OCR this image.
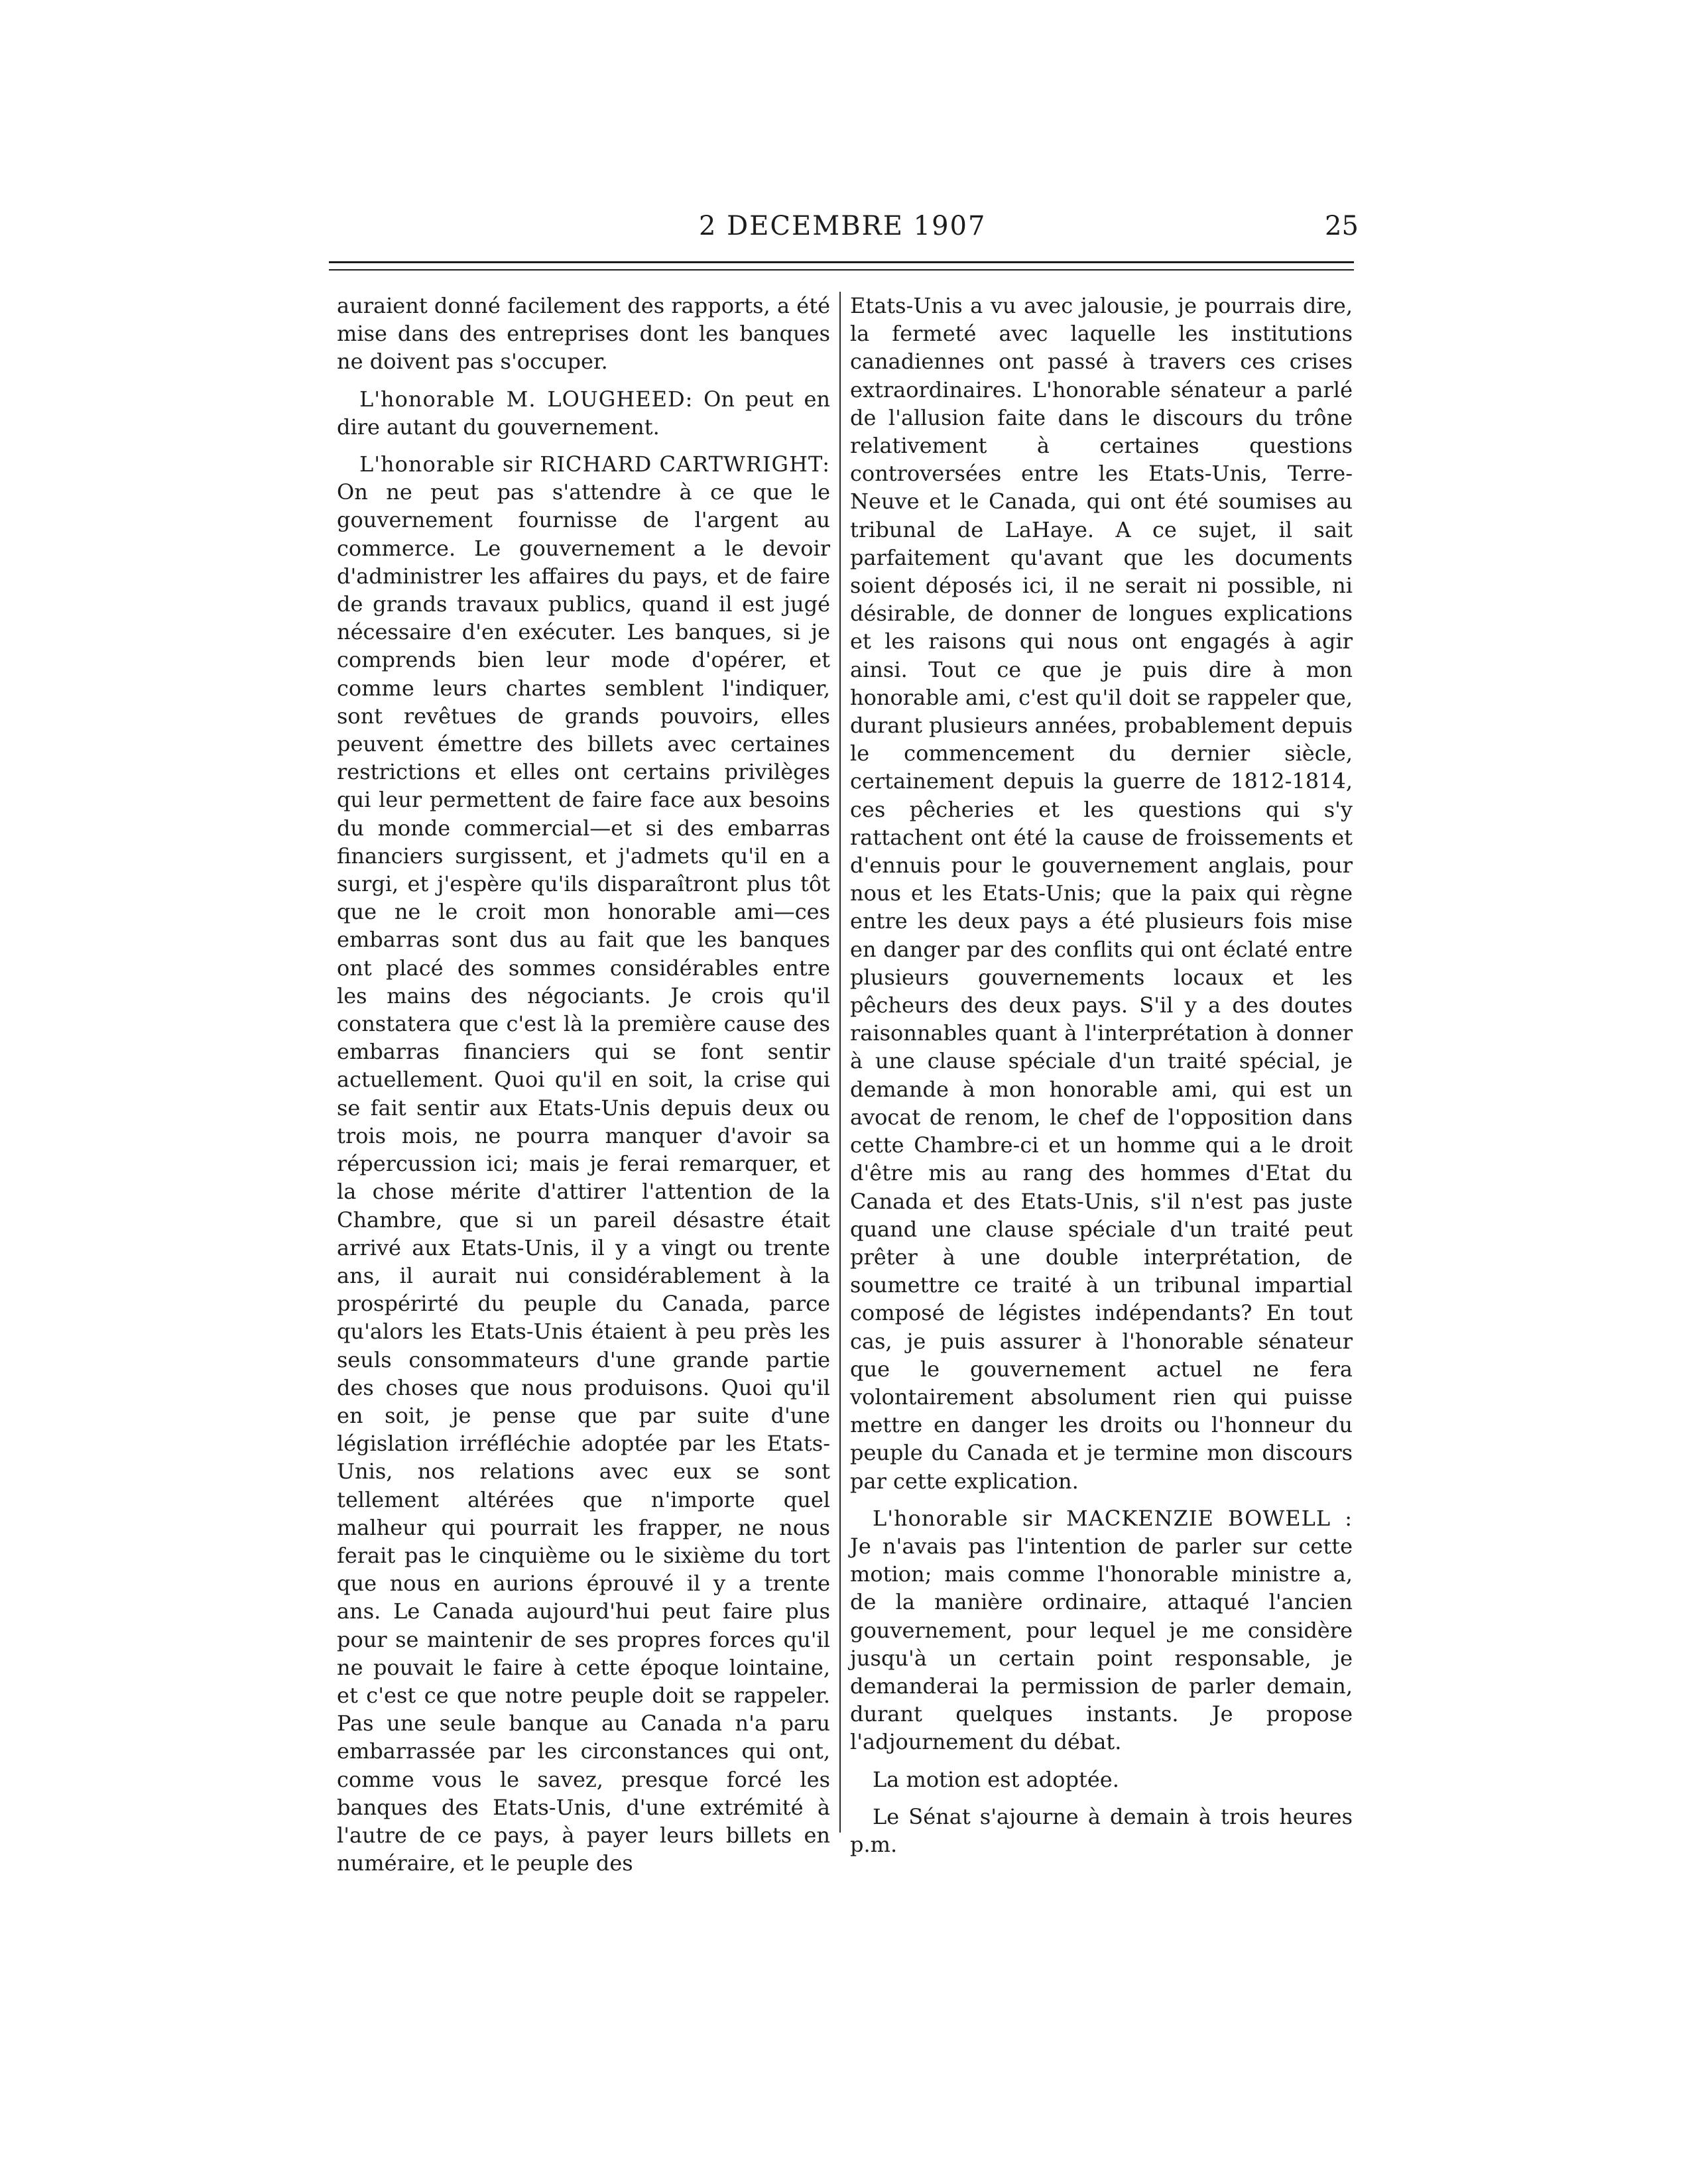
2 DECEMBRE 1907	25

auraient donné facilement des rapports, a été mise dans des entreprises dont les banques ne doivent pas s'occuper.

L'honorable M. LOUGHEED: On peut en dire autant du gouvernement.

L'honorable sir RICHARD CARTWRIGHT: On ne peut pas s'attendre à ce que le gouvernement fournisse de l'argent au commerce. Le gouvernement a le devoir d'administrer les affaires du pays, et de faire de grands travaux publics, quand il est jugé nécessaire d'en exécuter. Les banques, si je comprends bien leur mode d'opérer, et comme leurs chartes semblent l'indiquer, sont revêtues de grands pouvoirs, elles peuvent émettre des billets avec certaines restrictions et elles ont certains privilèges qui leur permettent de faire face aux besoins du monde commercial—et si des embarras financiers surgissent, et j'admets qu'il en a surgi, et j'espère qu'ils disparaîtront plus tôt que ne le croit mon honorable ami—ces embarras sont dus au fait que les banques ont placé des sommes considérables entre les mains des négociants. Je crois qu'il constatera que c'est là la première cause des embarras financiers qui se font sentir actuellement. Quoi qu'il en soit, la crise qui se fait sentir aux Etats-Unis depuis deux ou trois mois, ne pourra manquer d'avoir sa répercussion ici; mais je ferai remarquer, et la chose mérite d'attirer l'attention de la Chambre, que si un pareil désastre était arrivé aux Etats-Unis, il y a vingt ou trente ans, il aurait nui considérablement à la prospérirté du peuple du Canada, parce qu'alors les Etats-Unis étaient à peu près les seuls consommateurs d'une grande partie des choses que nous produisons. Quoi qu'il en soit, je pense que par suite d'une législation irréfléchie adoptée par les Etats-Unis, nos relations avec eux se sont tellement altérées que n'importe quel malheur qui pourrait les frapper, ne nous ferait pas le cinquième ou le sixième du tort que nous en aurions éprouvé il y a trente ans. Le Canada aujourd'hui peut faire plus pour se maintenir de ses propres forces qu'il ne pouvait le faire à cette époque lointaine, et c'est ce que notre peuple doit se rappeler. Pas une seule banque au Canada n'a paru embarrassée par les circonstances qui ont, comme vous le savez, presque forcé les banques des Etats-Unis, d'une extrémité à l'autre de ce pays, à payer leurs billets en numéraire, et le peuple des

Etats-Unis a vu avec jalousie, je pourrais dire, la fermeté avec laquelle les institutions canadiennes ont passé à travers ces crises extraordinaires. L'honorable sénateur a parlé de l'allusion faite dans le discours du trône relativement à certaines questions controversées entre les Etats-Unis, Terre-Neuve et le Canada, qui ont été soumises au tribunal de LaHaye. A ce sujet, il sait parfaitement qu'avant que les documents soient déposés ici, il ne serait ni possible, ni désirable, de donner de longues explications et les raisons qui nous ont engagés à agir ainsi. Tout ce que je puis dire à mon honorable ami, c'est qu'il doit se rappeler que, durant plusieurs années, probablement depuis le commencement du dernier siècle, certainement depuis la guerre de 1812-1814, ces pêcheries et les questions qui s'y rattachent ont été la cause de froissements et d'ennuis pour le gouvernement anglais, pour nous et les Etats-Unis; que la paix qui règne entre les deux pays a été plusieurs fois mise en danger par des conflits qui ont éclaté entre plusieurs gouvernements locaux et les pêcheurs des deux pays. S'il y a des doutes raisonnables quant à l'interprétation à donner à une clause spéciale d'un traité spécial, je demande à mon honorable ami, qui est un avocat de renom, le chef de l'opposition dans cette Chambre-ci et un homme qui a le droit d'être mis au rang des hommes d'Etat du Canada et des Etats-Unis, s'il n'est pas juste quand une clause spéciale d'un traité peut prêter à une double interprétation, de soumettre ce traité à un tribunal impartial composé de légistes indépendants? En tout cas, je puis assurer à l'honorable sénateur que le gouvernement actuel ne fera volontairement absolument rien qui puisse mettre en danger les droits ou l'honneur du peuple du Canada et je termine mon discours par cette explication.

L'honorable sir MACKENZIE BOWELL : Je n'avais pas l'intention de parler sur cette motion; mais comme l'honorable ministre a, de la manière ordinaire, attaqué l'ancien gouvernement, pour lequel je me considère jusqu'à un certain point responsable, je demanderai la permission de parler demain, durant quelques instants. Je propose l'adjournement du débat.

La motion est adoptée.

Le Sénat s'ajourne à demain à trois heures p.m.
